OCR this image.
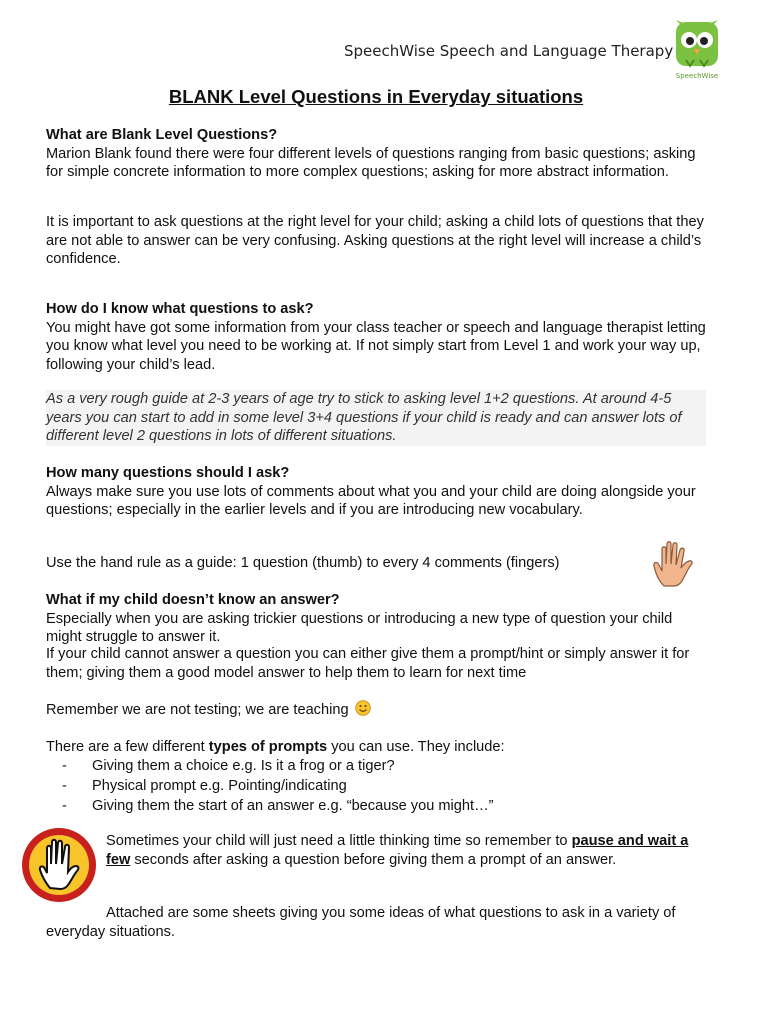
SpeechWise Speech and Language Therapy
SpeechWise
BLANK Level Questions in Everyday situations
What are Blank Level Questions?
Marion Blank found there were four different levels of questions ranging from basic questions; asking for simple concrete information to more complex questions; asking for more abstract information.
It is important to ask questions at the right level for your child; asking a child lots of questions that they are not able to answer can be very confusing. Asking questions at the right level will increase a child’s confidence.
How do I know what questions to ask?
You might have got some information from your class teacher or speech and language therapist letting you know what level you need to be working at. If not simply start from Level 1 and work your way up, following your child’s lead.
As a very rough guide at 2-3 years of age try to stick to asking level 1+2 questions. At around 4-5 years you can start to add in some level 3+4 questions if your child is ready and can answer lots of different level 2 questions in lots of different situations.
How many questions should I ask?
Always make sure you use lots of comments about what you and your child are doing alongside your questions; especially in the earlier levels and if you are introducing new vocabulary.
Use the hand rule as a guide: 1 question (thumb) to every 4 comments (fingers)
What if my child doesn’t know an answer?
Especially when you are asking trickier questions or introducing a new type of question your child might struggle to answer it.
If your child cannot answer a question you can either give them a prompt/hint or simply answer it for them; giving them a good model answer to help them to learn for next time
Remember we are not testing; we are teaching
There are a few different types of prompts you can use. They include:
- Giving them a choice e.g. Is it a frog or a tiger?
- Physical prompt e.g. Pointing/indicating
- Giving them the start of an answer e.g. “because you might…”
Sometimes your child will just need a little thinking time so remember to pause and wait a few seconds after asking a question before giving them a prompt of an answer.
Attached are some sheets giving you some ideas of what questions to ask in a variety of everyday situations.
